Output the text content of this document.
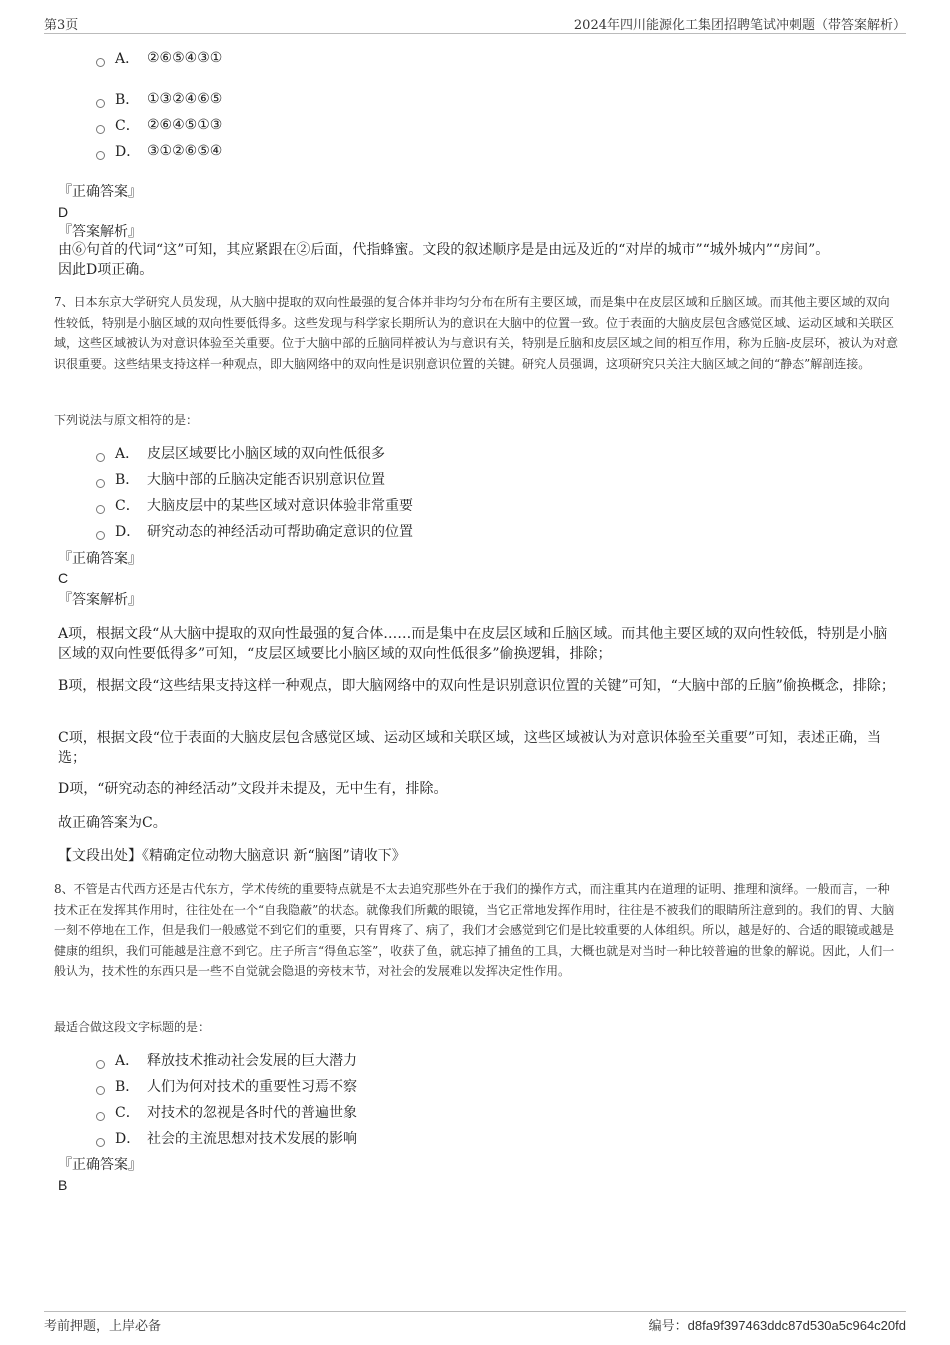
第3页	2024年四川能源化工集团招聘笔试冲刺题（带答案解析）
A． ②⑥⑤④③①
B． ①③②④⑥⑤
C． ②⑥④⑤①③
D． ③①②⑥⑤④
『正确答案』
D
『答案解析』
由⑥句首的代词“这”可知，其应紧跟在②后面，代指蜂蜜。文段的叙述顺序是是由远及近的“对岸的城市”“城外城内”“房间”。
因此D项正确。

7、日本东京大学研究人员发现，从大脑中提取的双向性最强的复合体并非均匀分布在所有主要区域，而是集中在皮层区域和丘脑区域。而其他主要区域的双向性较低，特别是小脑区域的双向性要低得多。这些发现与科学家长期所认为的意识在大脑中的位置一致。位于表面的大脑皮层包含感觉区域、运动区域和关联区域，这些区域被认为对意识体验至关重要。位于大脑中部的丘脑同样被认为与意识有关，特别是丘脑和皮层区域之间的相互作用，称为丘脑-皮层环，被认为对意识很重要。这些结果支持这样一种观点，即大脑网络中的双向性是识别意识位置的关键。研究人员强调，这项研究只关注大脑区域之间的“静态”解剖连接。

下列说法与原文相符的是：
A． 皮层区域要比小脑区域的双向性低很多
B． 大脑中部的丘脑决定能否识别意识位置
C． 大脑皮层中的某些区域对意识体验非常重要
D． 研究动态的神经活动可帮助确定意识的位置
『正确答案』
C
『答案解析』

A项，根据文段“从大脑中提取的双向性最强的复合体……而是集中在皮层区域和丘脑区域。而其他主要区域的双向性较低，特别是小脑区域的双向性要低得多”可知，“皮层区域要比小脑区域的双向性低很多”偷换逻辑，排除；

B项，根据文段“这些结果支持这样一种观点，即大脑网络中的双向性是识别意识位置的关键”可知，“大脑中部的丘脑”偷换概念，排除；

C项，根据文段“位于表面的大脑皮层包含感觉区域、运动区域和关联区域，这些区域被认为对意识体验至关重要”可知，表述正确，当选；

D项，“研究动态的神经活动”文段并未提及，无中生有，排除。

故正确答案为C。

【文段出处】《精确定位动物大脑意识 新“脑图”请收下》

8、不管是古代西方还是古代东方，学术传统的重要特点就是不太去追究那些外在于我们的操作方式，而注重其内在道理的证明、推理和演绎。一般而言，一种技术正在发挥其作用时，往往处在一个“自我隐蔽”的状态。就像我们所戴的眼镜，当它正常地发挥作用时，往往是不被我们的眼睛所注意到的。我们的胃、大脑一刻不停地在工作，但是我们一般感觉不到它们的重要，只有胃疼了、病了，我们才会感觉到它们是比较重要的人体组织。所以，越是好的、合适的眼镜或越是健康的组织，我们可能越是注意不到它。庄子所言“得鱼忘筌”，收获了鱼，就忘掉了捕鱼的工具，大概也就是对当时一种比较普遍的世象的解说。因此，人们一般认为，技术性的东西只是一些不自觉就会隐退的旁枝末节，对社会的发展难以发挥决定性作用。

最适合做这段文字标题的是：
A． 释放技术推动社会发展的巨大潜力
B． 人们为何对技术的重要性习焉不察
C． 对技术的忽视是各时代的普遍世象
D． 社会的主流思想对技术发展的影响
『正确答案』
B
考前押题，上岸必备	编号：d8fa9f397463ddc87d530a5c964c20fd
